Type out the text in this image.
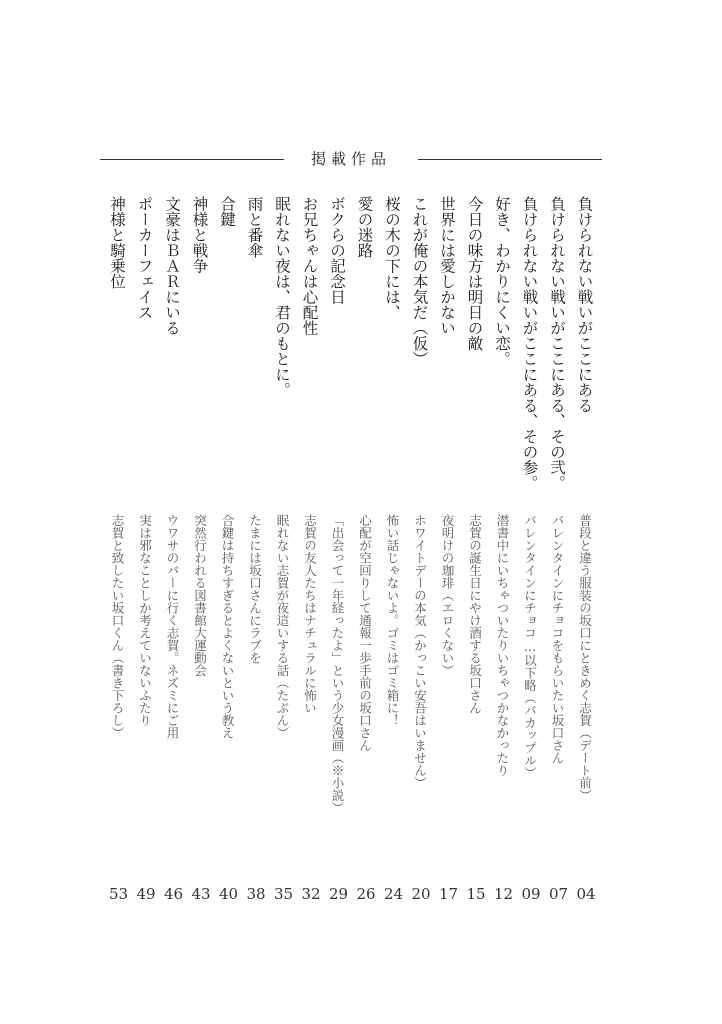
掲載作品
負けられない戦いがここにある
普段と違う服装の坂口にときめく志賀（デート前）
04
負けられない戦いがここにある、その弐。
バレンタインにチョコをもらいたい坂口さん
07
負けられない戦いがここにある、その参。
バレンタインにチョコ…以下略（バカップル）
09
好き、わかりにくい恋。
潜書中にいちゃついたりいちゃつかなかったり
12
今日の味方は明日の敵
志賀の誕生日にやけ酒する坂口さん
15
世界には愛しかない
夜明けの珈琲（エロくない）
17
これが俺の本気だ（仮）
ホワイトデーの本気（かっこい安吾はいません）
20
桜の木の下には、
怖い話じゃないよ。ゴミはゴミ箱に！
24
愛の迷路
心配が空回りして通報一歩手前の坂口さん
26
ボクらの記念日
「出会って一年経ったよ」という少女漫画（※小説）
29
お兄ちゃんは心配性
志賀の友人たちはナチュラルに怖い
32
眠れない夜は、君のもとに。
眠れない志賀が夜這いする話（たぶん）
35
雨と番傘
たまには坂口さんにラブを
38
合鍵
合鍵は持ちすぎるとよくないという教え
40
神様と戦争
突然行われる図書館大運動会
43
文豪はＢＡＲにいる
ウワサのバーに行く志賀。ネズミにご用
46
ポーカーフェイス
実は邪なことしか考えていないふたり
49
神様と騎乗位
志賀と致したい坂口くん（書き下ろし）
53
